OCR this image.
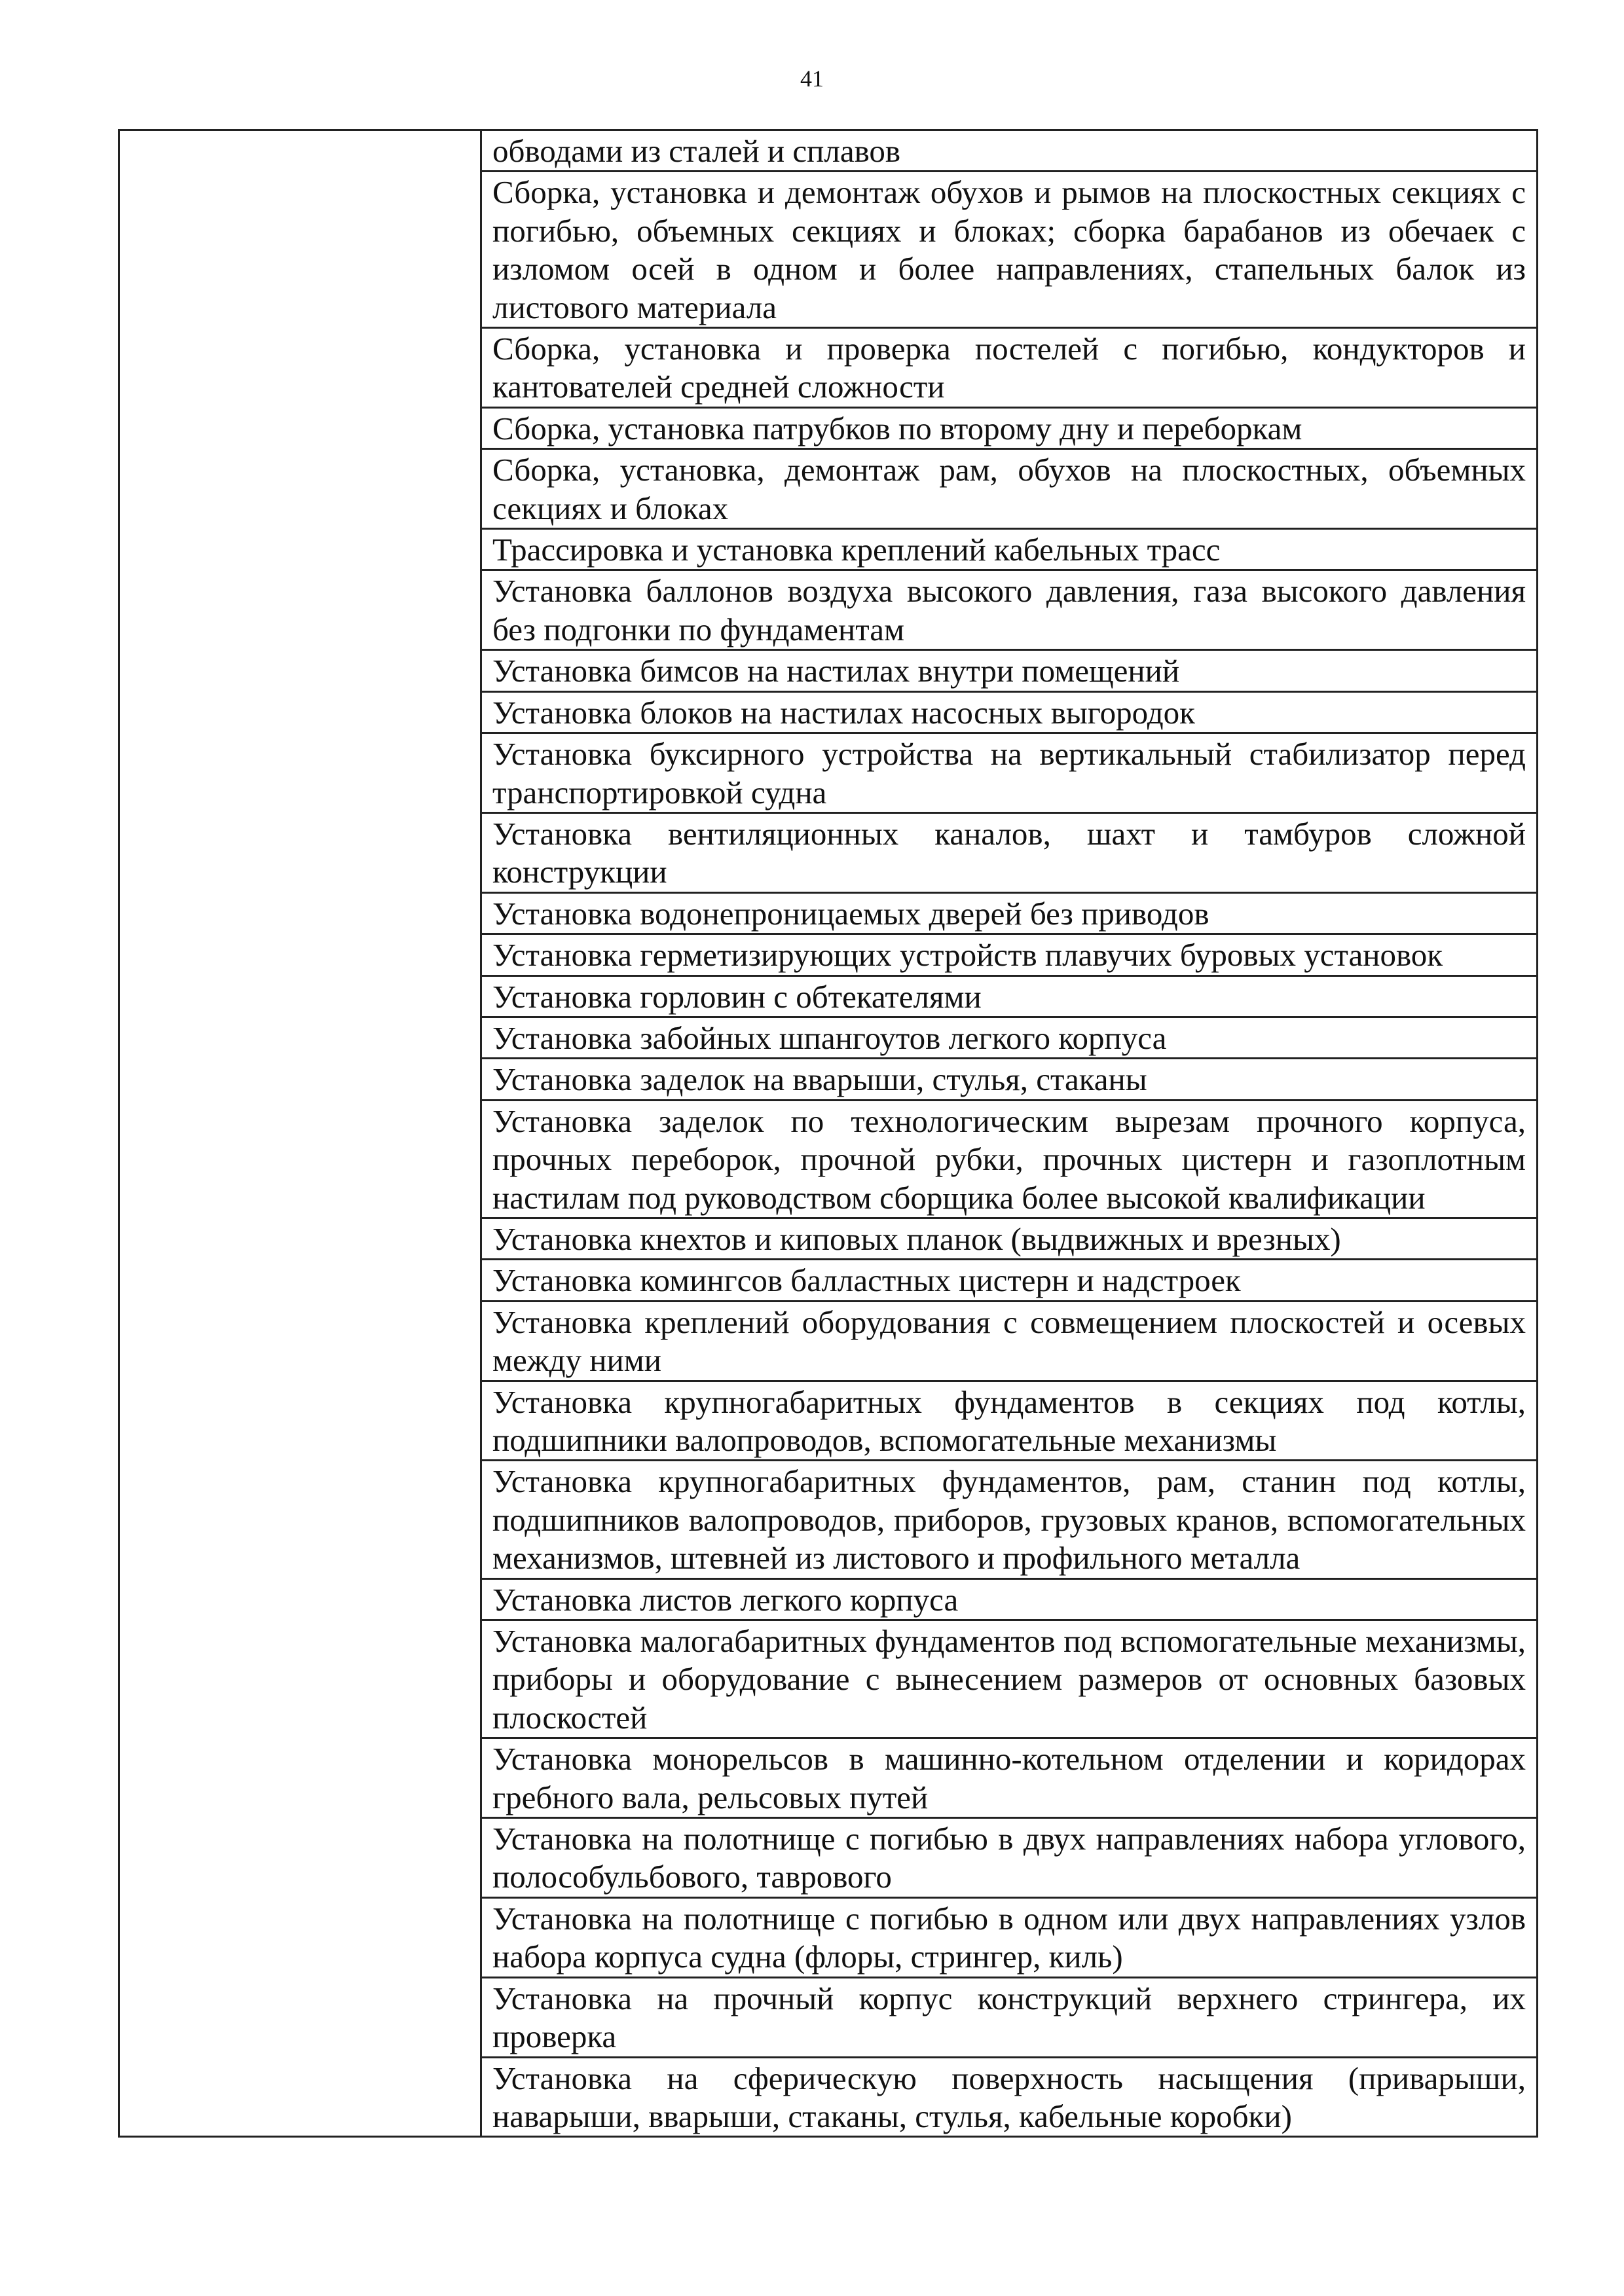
41

обводами из сталей и сплавов
Сборка, установка и демонтаж обухов и рымов на плоскостных секциях с погибью, объемных секциях и блоках; сборка барабанов из обечаек с изломом осей в одном и более направлениях, стапельных балок из листового материала
Сборка, установка и проверка постелей с погибью, кондукторов и кантователей средней сложности
Сборка, установка патрубков по второму дну и переборкам
Сборка, установка, демонтаж рам, обухов на плоскостных, объемных секциях и блоках
Трассировка и установка креплений кабельных трасс
Установка баллонов воздуха высокого давления, газа высокого давления без подгонки по фундаментам
Установка бимсов на настилах внутри помещений
Установка блоков на настилах насосных выгородок
Установка буксирного устройства на вертикальный стабилизатор перед транспортировкой судна
Установка вентиляционных каналов, шахт и тамбуров сложной конструкции
Установка водонепроницаемых дверей без приводов
Установка герметизирующих устройств плавучих буровых установок
Установка горловин с обтекателями
Установка забойных шпангоутов легкого корпуса
Установка заделок на вварыши, стулья, стаканы
Установка заделок по технологическим вырезам прочного корпуса, прочных переборок, прочной рубки, прочных цистерн и газоплотным настилам под руководством сборщика более высокой квалификации
Установка кнехтов и киповых планок (выдвижных и врезных)
Установка комингсов балластных цистерн и надстроек
Установка креплений оборудования с совмещением плоскостей и осевых между ними
Установка крупногабаритных фундаментов в секциях под котлы, подшипники валопроводов, вспомогательные механизмы
Установка крупногабаритных фундаментов, рам, станин под котлы, подшипников валопроводов, приборов, грузовых кранов, вспомогательных механизмов, штевней из листового и профильного металла
Установка листов легкого корпуса
Установка малогабаритных фундаментов под вспомогательные механизмы, приборы и оборудование с вынесением размеров от основных базовых плоскостей
Установка монорельсов в машинно-котельном отделении и коридорах гребного вала, рельсовых путей
Установка на полотнище с погибью в двух направлениях набора углового, полособульбового, таврового
Установка на полотнище с погибью в одном или двух направлениях узлов набора корпуса судна (флоры, стрингер, киль)
Установка на прочный корпус конструкций верхнего стрингера, их проверка
Установка на сферическую поверхность насыщения (приварыши, наварыши, вварыши, стаканы, стулья, кабельные коробки)
